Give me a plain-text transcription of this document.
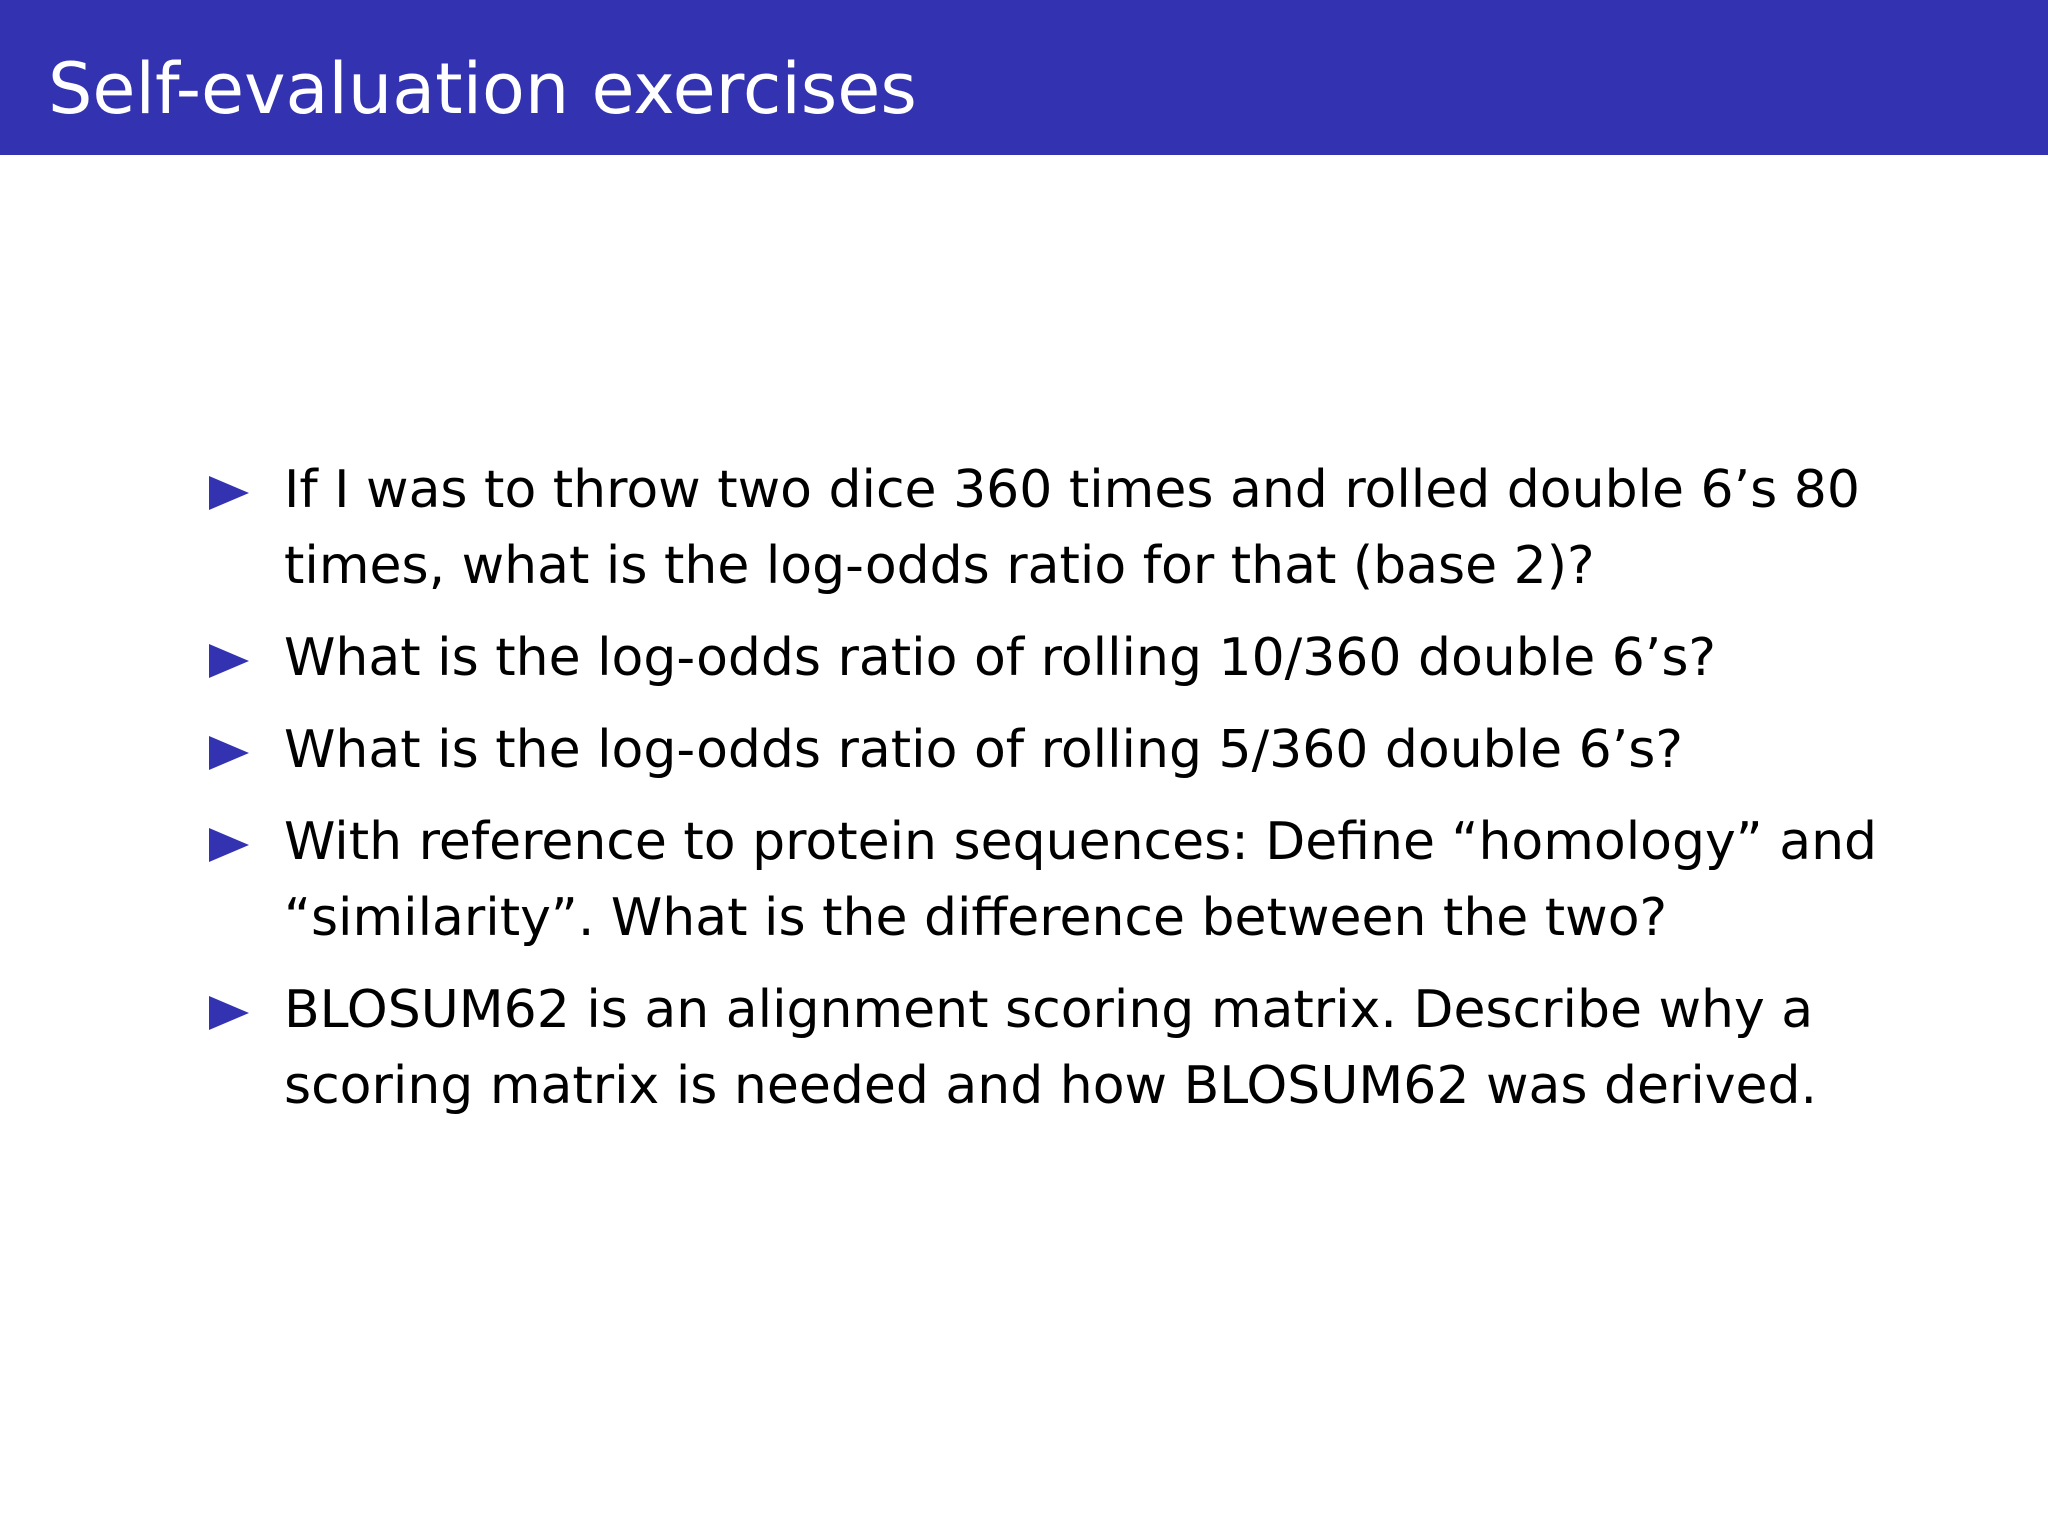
Self-evaluation exercises
If I was to throw two dice 360 times and rolled double 6’s 80 times, what is the log-odds ratio for that (base 2)?
What is the log-odds ratio of rolling 10/360 double 6’s?
What is the log-odds ratio of rolling 5/360 double 6’s?
With reference to protein sequences: Define “homology” and “similarity”. What is the difference between the two?
BLOSUM62 is an alignment scoring matrix. Describe why a scoring matrix is needed and how BLOSUM62 was derived.
